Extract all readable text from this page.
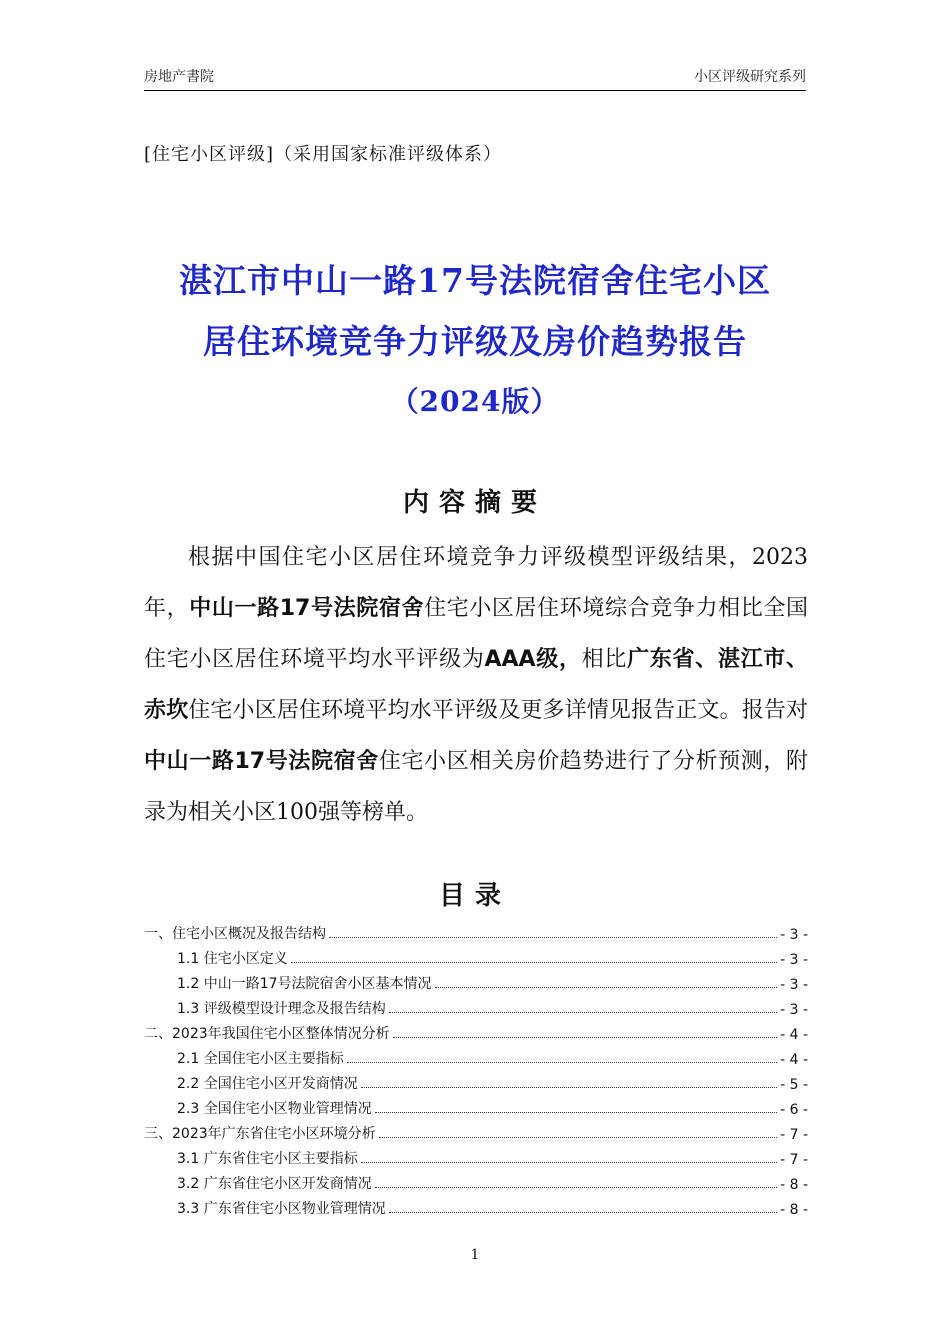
房地产書院	小区评级研究系列
[住宅小区评级]（采用国家标准评级体系）
湛江市中山一路17号法院宿舍住宅小区
居住环境竞争力评级及房价趋势报告
（2024版）
内容摘要

根据中国住宅小区居住环境竞争力评级模型评级结果，2023年，中山一路17号法院宿舍住宅小区居住环境综合竞争力相比全国住宅小区居住环境平均水平评级为AAA级，相比广东省、湛江市、赤坎住宅小区居住环境平均水平评级及更多详情见报告正文。报告对中山一路17号法院宿舍住宅小区相关房价趋势进行了分析预测，附录为相关小区100强等榜单。

目录
一、住宅小区概况及报告结构	- 3 -
1.1 住宅小区定义	- 3 -
1.2 中山一路17号法院宿舍小区基本情况	- 3 -
1.3 评级模型设计理念及报告结构	- 3 -
二、2023年我国住宅小区整体情况分析	- 4 -
2.1 全国住宅小区主要指标	- 4 -
2.2 全国住宅小区开发商情况	- 5 -
2.3 全国住宅小区物业管理情况	- 6 -
三、2023年广东省住宅小区环境分析	- 7 -
3.1 广东省住宅小区主要指标	- 7 -
3.2 广东省住宅小区开发商情况	- 8 -
3.3 广东省住宅小区物业管理情况	- 8 -
1
